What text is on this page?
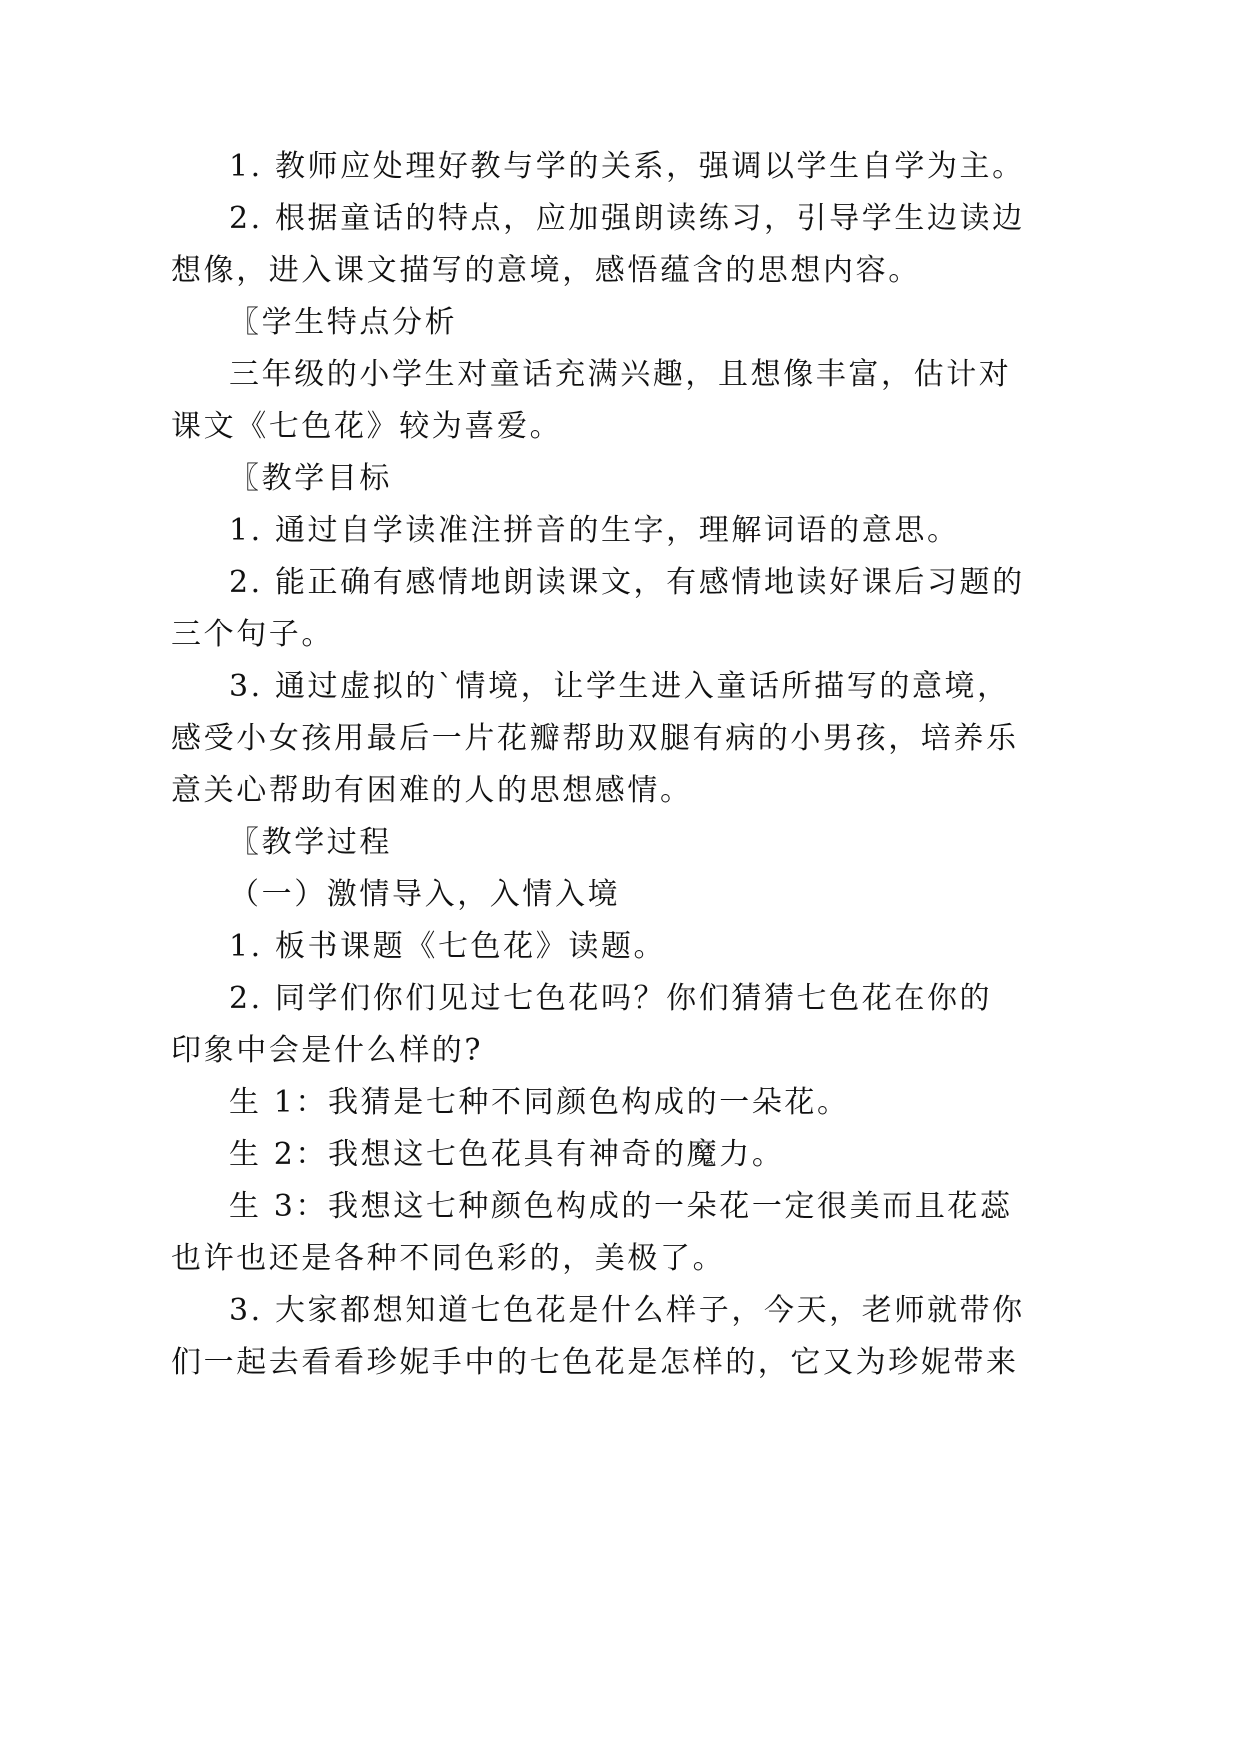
1. 教师应处理好教与学的关系，强调以学生自学为主。
2. 根据童话的特点，应加强朗读练习，引导学生边读边
想像，进入课文描写的意境，感悟蕴含的思想内容。
〖学生特点分析
三年级的小学生对童话充满兴趣，且想像丰富，估计对
课文《七色花》较为喜爱。
〖教学目标
1. 通过自学读准注拼音的生字，理解词语的意思。
2. 能正确有感情地朗读课文，有感情地读好课后习题的
三个句子。
3. 通过虚拟的`情境，让学生进入童话所描写的意境，
感受小女孩用最后一片花瓣帮助双腿有病的小男孩，培养乐
意关心帮助有困难的人的思想感情。
〖教学过程
（一）激情导入，入情入境
1. 板书课题《七色花》读题。
2. 同学们你们见过七色花吗？你们猜猜七色花在你的
印象中会是什么样的?
生 1：我猜是七种不同颜色构成的一朵花。
生 2：我想这七色花具有神奇的魔力。
生 3：我想这七种颜色构成的一朵花一定很美而且花蕊
也许也还是各种不同色彩的，美极了。
3. 大家都想知道七色花是什么样子，今天，老师就带你
们一起去看看珍妮手中的七色花是怎样的，它又为珍妮带来
